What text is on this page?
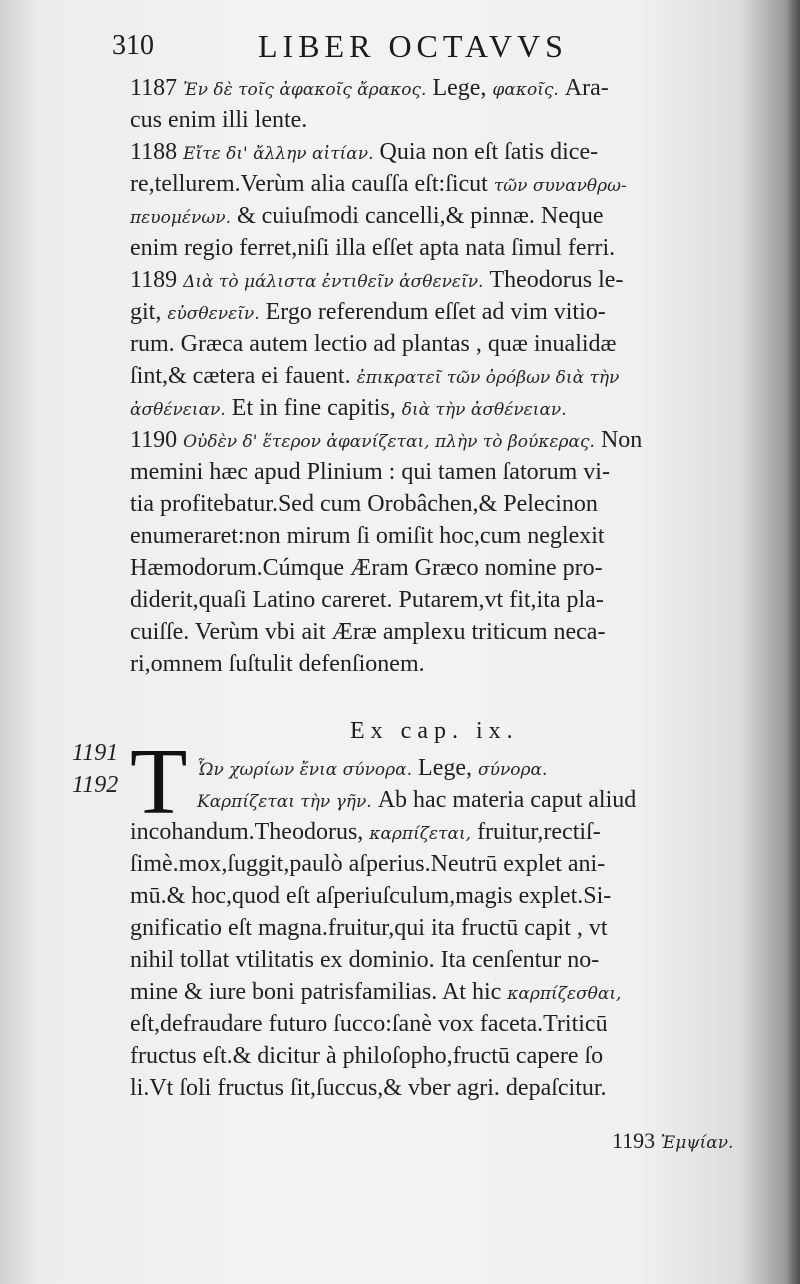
310	LIBER OCTAVVS
1187 Ἐν δὲ τοῖς ἀφακοῖς ἄρακος. Lege, φακοῖς. Ara-
cus enim illi lente.
1188 Εἴτε δι' ἄλλην αἰτίαν. Quia non eſt ſatis dice-
re,tellurem.Verùm alia cauſſa eſt:ſicut τῶν συνανθρω-
πευομένων. & cuiuſmodi cancelli,& pinnæ. Neque
enim regio ferret,niſi illa eſſet apta nata ſimul ferri.
1189 Διὰ τὸ μάλιστα ἐντιθεῖν ἀσθενεῖν. Theodorus le-
git, εὐσθενεῖν. Ergo referendum eſſet ad vim vitio-
rum. Græca autem lectio ad plantas , quæ inualidæ
ſint,& cætera ei fauent. ἐπικρατεῖ τῶν ὀρόβων διὰ τὴν
ἀσθένειαν. Et in fine capitis, διὰ τὴν ἀσθένειαν.
1190 Οὐδὲν δ' ἕτερον ἀφανίζεται, πλὴν τὸ βούκερας. Non
memini hæc apud Plinium : qui tamen ſatorum vi-
tia profitebatur.Sed cum Orobâchen,& Pelecinon
enumeraret:non mirum ſi omiſit hoc,cum neglexit
Hæmodorum.Cúmque Æram Græco nomine pro-
diderit,quaſi Latino careret. Putarem,vt fit,ita pla-
cuiſſe. Verùm vbi ait Æræ amplexu triticum neca-
ri,omnem ſuſtulit defenſionem.
Ex cap. ix.
1191
1192 T Ὧν χωρίων ἔνια σύνορα. Lege, σύνορα.
Καρπίζεται τὴν γῆν. Ab hac materia caput aliud
incohandum.Theodorus, καρπίζεται, fruitur,rectiſ-
ſimè.mox,ſuggit,paulò aſperius.Neutrū explet ani-
mū.& hoc,quod eſt aſperiuſculum,magis explet.Si-
gnificatio eſt magna.fruitur,qui ita fructū capit , vt
nihil tollat vtilitatis ex dominio. Ita cenſentur no-
mine & iure boni patrisfamilias. At hic καρπίζεσθαι,
eſt,defraudare futuro ſucco:ſanè vox faceta.Triticū
fructus eſt.& dicitur à philoſopho,fructū capere ſo
li.Vt ſoli fructus ſit,ſuccus,& vber agri. depaſcitur.
1193 Ἐμψίαν.
